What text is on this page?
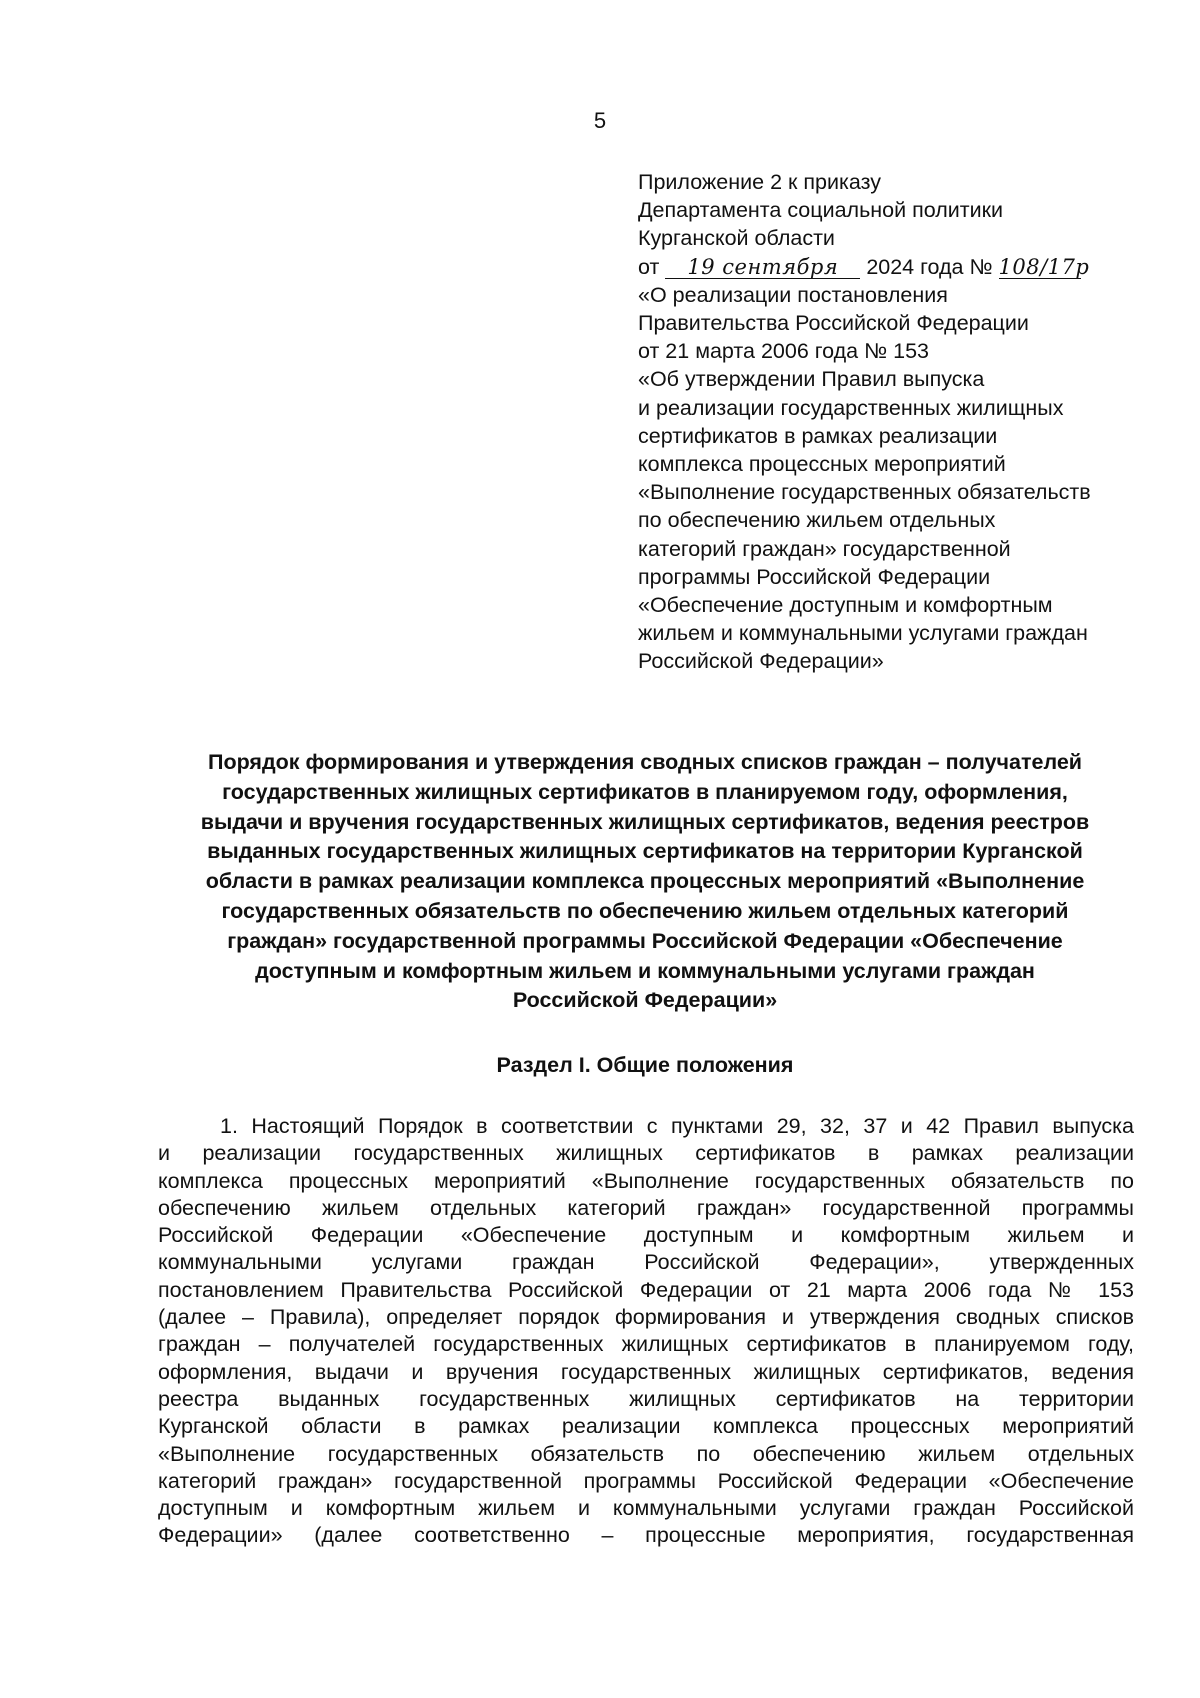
5
Приложение 2 к приказу
Департамента социальной политики
Курганской области
от 19 сентября 2024 года № 108/17р
«О реализации постановления
Правительства Российской Федерации
от 21 марта 2006 года № 153
«Об утверждении Правил выпуска
и реализации государственных жилищных
сертификатов в рамках реализации
комплекса процессных мероприятий
«Выполнение государственных обязательств
по обеспечению жильем отдельных
категорий граждан» государственной
программы Российской Федерации
«Обеспечение доступным и комфортным
жильем и коммунальными услугами граждан
Российской Федерации»
Порядок формирования и утверждения сводных списков граждан – получателей
государственных жилищных сертификатов в планируемом году, оформления,
выдачи и вручения государственных жилищных сертификатов, ведения реестров
выданных государственных жилищных сертификатов на территории Курганской
области в рамках реализации комплекса процессных мероприятий «Выполнение
государственных обязательств по обеспечению жильем отдельных категорий
граждан» государственной программы Российской Федерации «Обеспечение
доступным и комфортным жильем и коммунальными услугами граждан
Российской Федерации»
Раздел I. Общие положения
1. Настоящий Порядок в соответствии с пунктами 29, 32, 37 и 42 Правил выпуска
и реализации государственных жилищных сертификатов в рамках реализации
комплекса процессных мероприятий «Выполнение государственных обязательств по
обеспечению жильем отдельных категорий граждан» государственной программы
Российской Федерации «Обеспечение доступным и комфортным жильем и
коммунальными услугами граждан Российской Федерации», утвержденных
постановлением Правительства Российской Федерации от 21 марта 2006 года № 153
(далее – Правила), определяет порядок формирования и утверждения сводных списков
граждан – получателей государственных жилищных сертификатов в планируемом году,
оформления, выдачи и вручения государственных жилищных сертификатов, ведения
реестра выданных государственных жилищных сертификатов на территории
Курганской области в рамках реализации комплекса процессных мероприятий
«Выполнение государственных обязательств по обеспечению жильем отдельных
категорий граждан» государственной программы Российской Федерации «Обеспечение
доступным и комфортным жильем и коммунальными услугами граждан Российской
Федерации» (далее соответственно – процессные мероприятия, государственная
